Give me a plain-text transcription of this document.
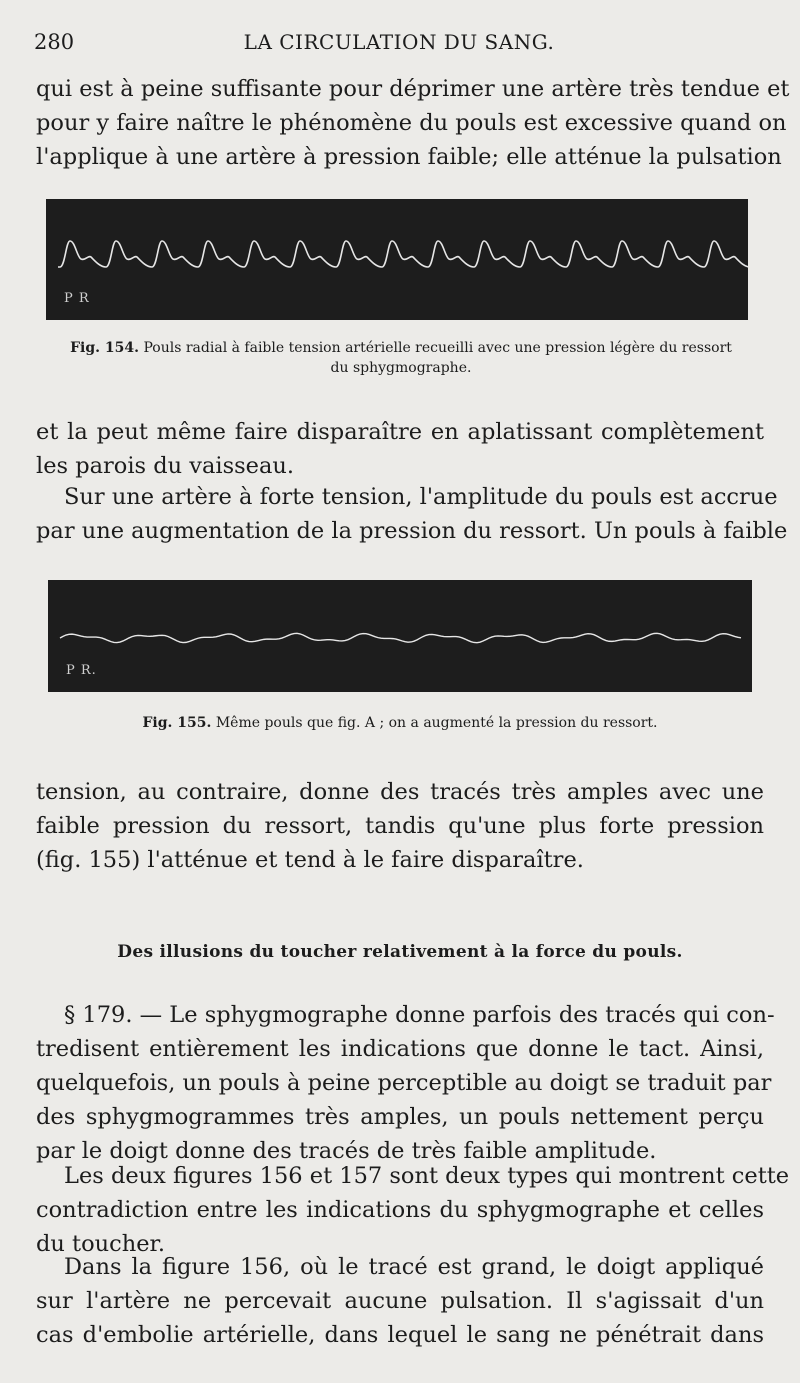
280	LA CIRCULATION DU SANG.
qui est à peine suffisante pour déprimer une artère très tendue et
pour y faire naître le phénomène du pouls est excessive quand on
l'applique à une artère à pression faible; elle atténue la pulsation
P R
Fig. 154. Pouls radial à faible tension artérielle recueilli avec une pression légère du ressort
du sphygmographe.
et la peut même faire disparaître en aplatissant complètement
les parois du vaisseau.
Sur une artère à forte tension, l'amplitude du pouls est accrue
par une augmentation de la pression du ressort. Un pouls à faible
P R.
Fig. 155. Même pouls que fig. A ; on a augmenté la pression du ressort.
tension, au contraire, donne des tracés très amples avec une
faible pression du ressort, tandis qu'une plus forte pression
(fig. 155) l'atténue et tend à le faire disparaître.
Des illusions du toucher relativement à la force du pouls.
§ 179. — Le sphygmographe donne parfois des tracés qui con-
tredisent entièrement les indications que donne le tact. Ainsi,
quelquefois, un pouls à peine perceptible au doigt se traduit par
des sphygmogrammes très amples, un pouls nettement perçu
par le doigt donne des tracés de très faible amplitude.
Les deux figures 156 et 157 sont deux types qui montrent cette
contradiction entre les indications du sphygmographe et celles
du toucher.
Dans la figure 156, où le tracé est grand, le doigt appliqué
sur l'artère ne percevait aucune pulsation. Il s'agissait d'un
cas d'embolie artérielle, dans lequel le sang ne pénétrait dans
